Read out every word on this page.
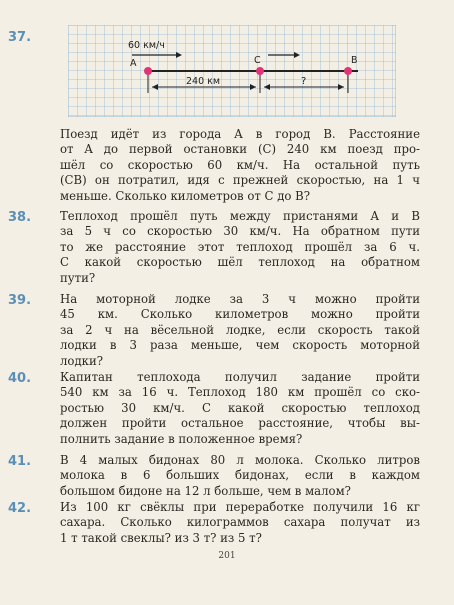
37.
60 км/ч
A	C	B
240 км	?
Поезд идёт из города A в город B. Расстояние
от A до первой остановки (C) 240 км поезд про-
шёл со скоростью 60 км/ч. На остальной путь
(CB) он потратил, идя с прежней скоростью, на 1 ч
меньше. Сколько километров от C до B?
38. Теплоход прошёл путь между пристанями A и B
за 5 ч со скоростью 30 км/ч. На обратном пути
то же расстояние этот теплоход прошёл за 6 ч.
С какой скоростью шёл теплоход на обратном
пути?
39. На моторной лодке за 3 ч можно пройти
45 км. Сколько километров можно пройти
за 2 ч на вёсельной лодке, если скорость такой
лодки в 3 раза меньше, чем скорость моторной
лодки?
40. Капитан теплохода получил задание пройти
540 км за 16 ч. Теплоход 180 км прошёл со ско-
ростью 30 км/ч. С какой скоростью теплоход
должен пройти остальное расстояние, чтобы вы-
полнить задание в положенное время?
41. В 4 малых бидонах 80 л молока. Сколько литров
молока в 6 больших бидонах, если в каждом
большом бидоне на 12 л больше, чем в малом?
42. Из 100 кг свёклы при переработке получили 16 кг
сахара. Сколько килограммов сахара получат из
1 т такой свеклы? из 3 т? из 5 т?
201
